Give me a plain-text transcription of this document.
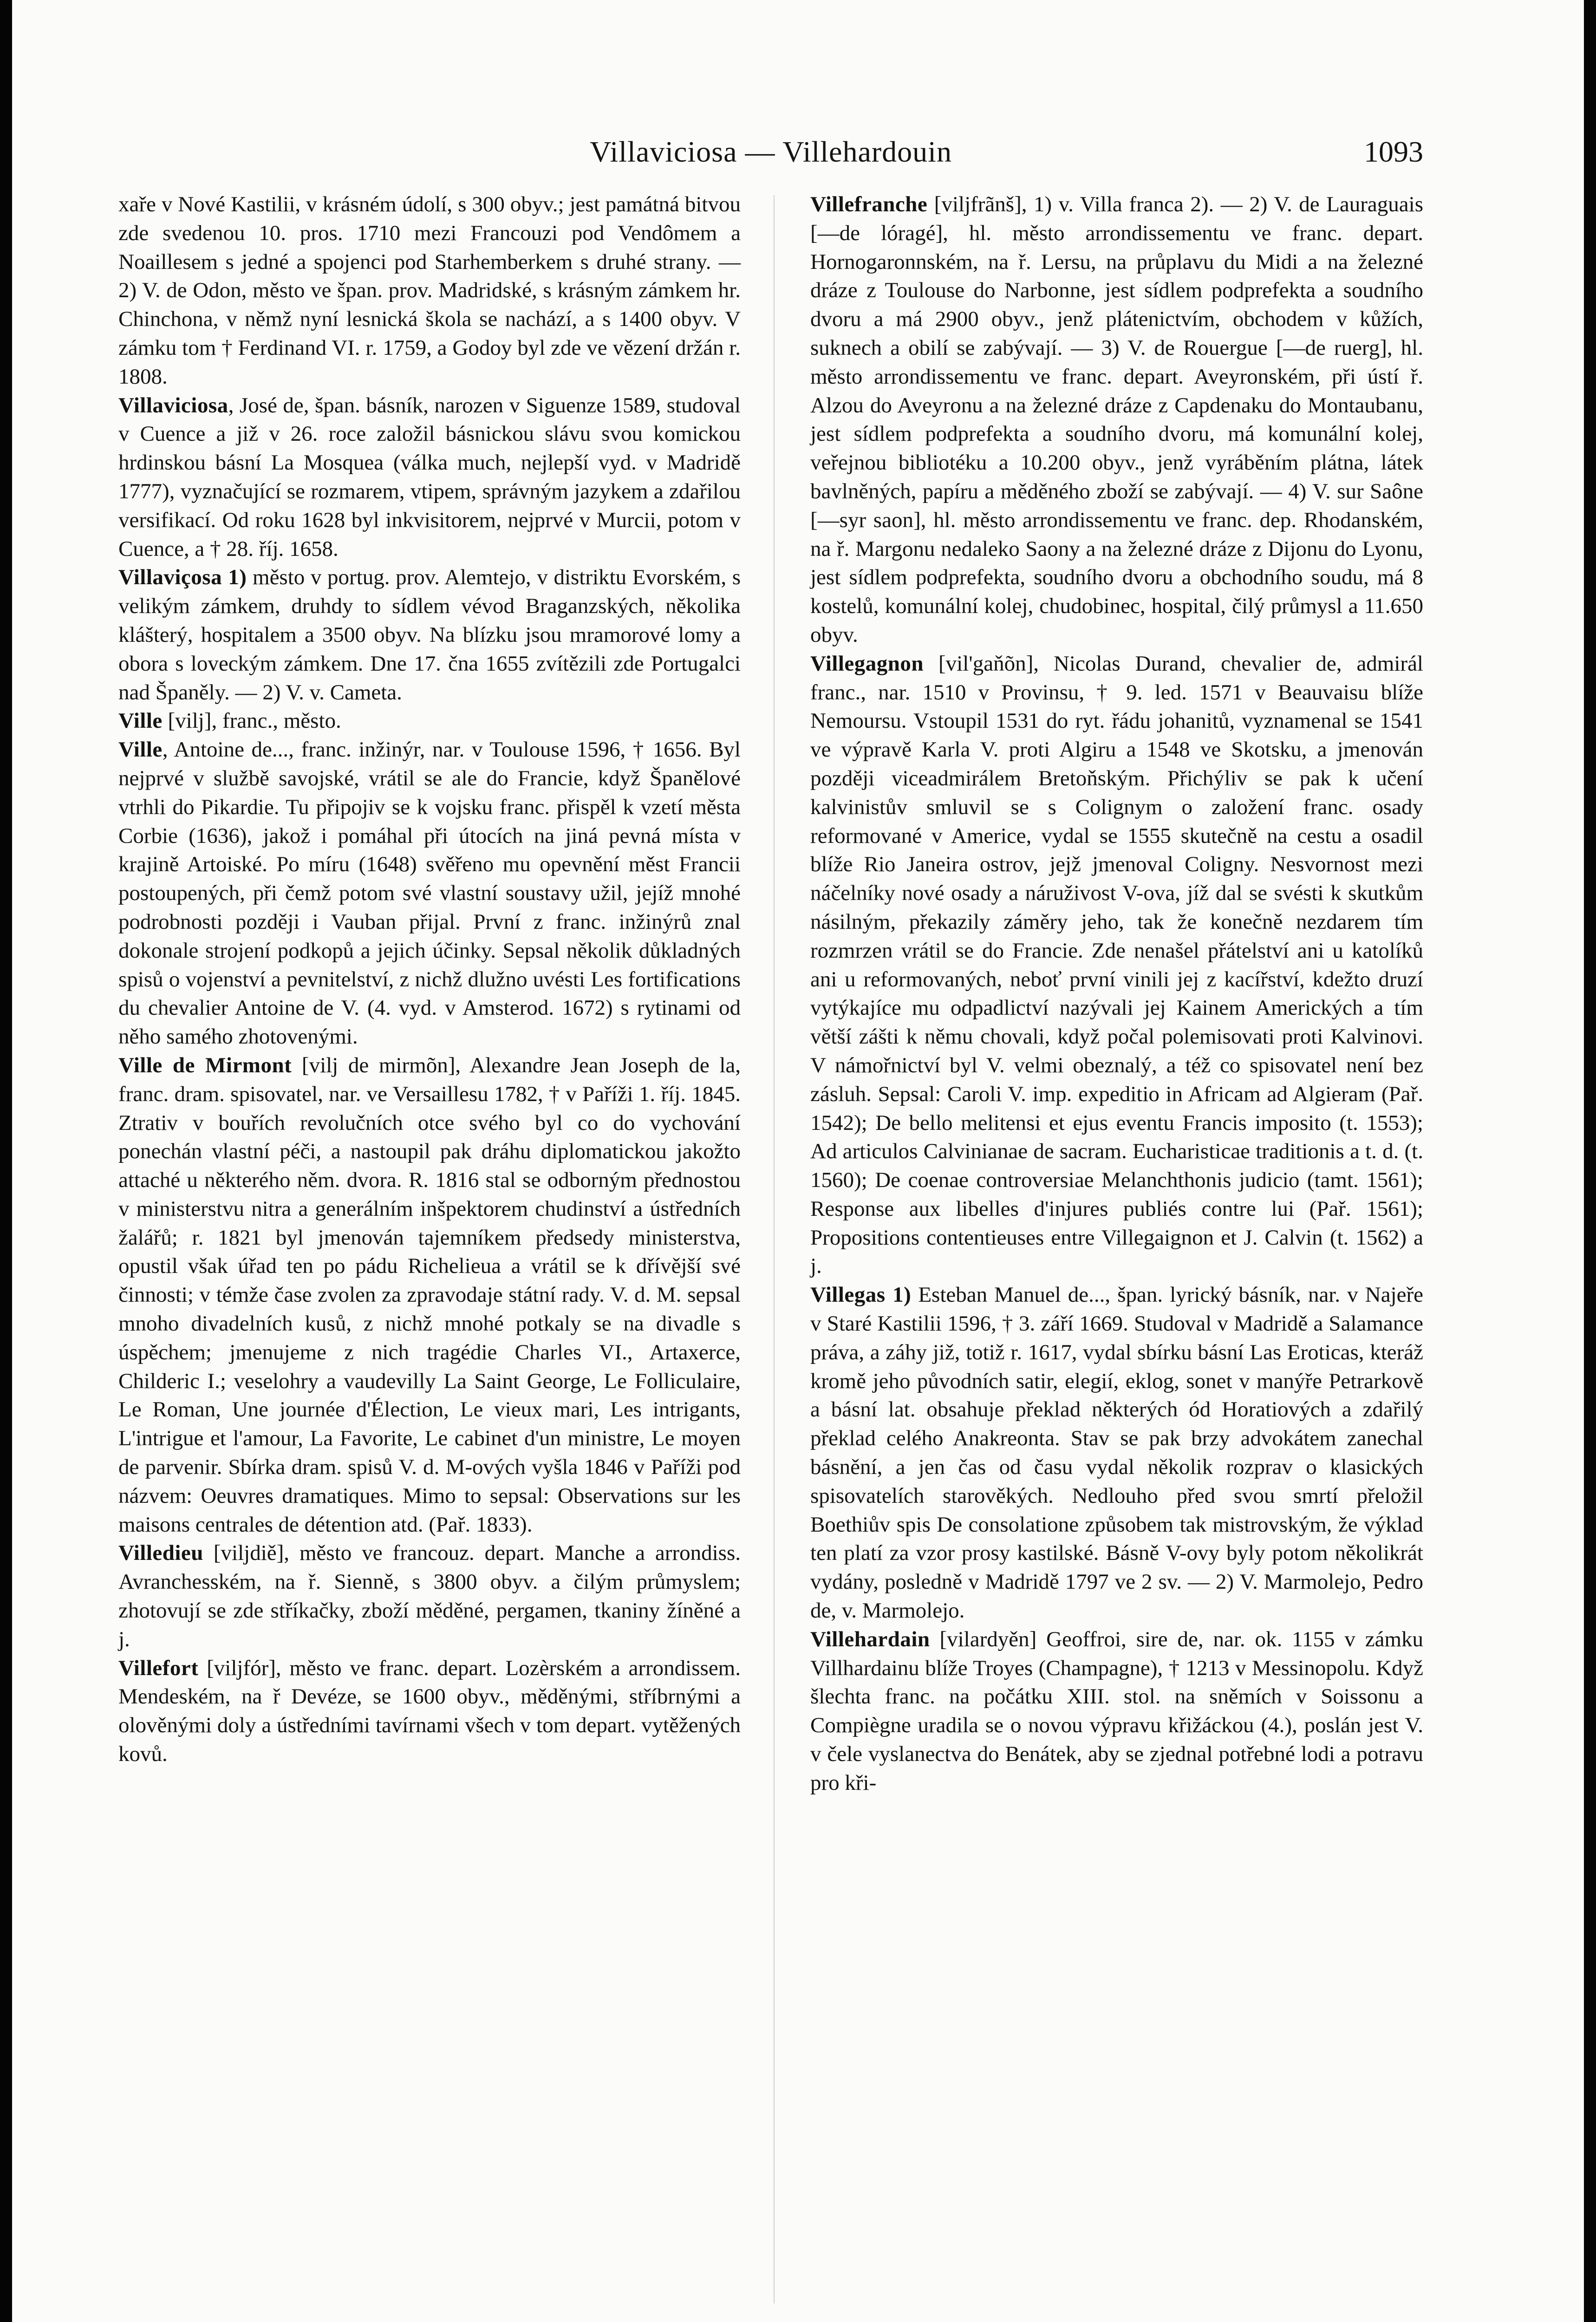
Villaviciosa — Villehardouin	1093

xaře v Nové Kastilii, v krásném údolí, s 300 obyv.; jest památná bitvou zde svedenou 10. pros. 1710 mezi Francouzi pod Vendômem a Noaillesem s jedné a spojenci pod Starhemberkem s druhé strany. — 2) V. de Odon, město ve špan. prov. Madridské, s krásným zámkem hr. Chinchona, v němž nyní lesnická škola se nachází, a s 1400 obyv. V zámku tom † Ferdinand VI. r. 1759, a Godoy byl zde ve vězení držán r. 1808.

Villaviciosa, José de, špan. básník, narozen v Siguenze 1589, studoval v Cuence a již v 26. roce založil básnickou slávu svou komickou hrdinskou básní La Mosquea (válka much, nejlepší vyd. v Madridě 1777), vyznačující se rozmarem, vtipem, správným jazykem a zdařilou versifikací. Od roku 1628 byl inkvisitorem, nejprvé v Murcii, potom v Cuence, a † 28. říj. 1658.

Villaviçosa 1) město v portug. prov. Alemtejo, v distriktu Evorském, s velikým zámkem, druhdy to sídlem vévod Braganzských, několika klášterý, hospitalem a 3500 obyv. Na blízku jsou mramorové lomy a obora s loveckým zámkem. Dne 17. čna 1655 zvítězili zde Portugalci nad Španěly. — 2) V. v. Cameta.

Ville [vilj], franc., město.

Ville, Antoine de..., franc. inžinýr, nar. v Toulouse 1596, † 1656. Byl nejprvé v službě savojské, vrátil se ale do Francie, když Španělové vtrhli do Pikardie. Tu připojiv se k vojsku franc. přispěl k vzetí města Corbie (1636), jakož i pomáhal při útocích na jiná pevná místa v krajině Artoiské. Po míru (1648) svěřeno mu opevnění měst Francii postoupených, při čemž potom své vlastní soustavy užil, jejíž mnohé podrobnosti později i Vauban přijal. První z franc. inžinýrů znal dokonale strojení podkopů a jejich účinky. Sepsal několik důkladných spisů o vojenství a pevnitelství, z nichž dlužno uvésti Les fortifications du chevalier Antoine de V. (4. vyd. v Amsterod. 1672) s rytinami od něho samého zhotovenými.

Ville de Mirmont [vilj de mirmõn], Alexandre Jean Joseph de la, franc. dram. spisovatel, nar. ve Versaillesu 1782, † v Paříži 1. říj. 1845. Ztrativ v bouřích revolučních otce svého byl co do vychování ponechán vlastní péči, a nastoupil pak dráhu diplomatickou jakožto attaché u některého něm. dvora. R. 1816 stal se odborným přednostou v ministerstvu nitra a generálním inšpektorem chudinství a ústředních žalářů; r. 1821 byl jmenován tajemníkem předsedy ministerstva, opustil však úřad ten po pádu Richelieua a vrátil se k dřívější své činnosti; v témže čase zvolen za zpravodaje státní rady. V. d. M. sepsal mnoho divadelních kusů, z nichž mnohé potkaly se na divadle s úspěchem; jmenujeme z nich tragédie Charles VI., Artaxerce, Childeric I.; veselohry a vaudevilly La Saint George, Le Folliculaire, Le Roman, Une journée d'Élection, Le vieux mari, Les intrigants, L'intrigue et l'amour, La Favorite, Le cabinet d'un ministre, Le moyen de parvenir. Sbírka dram. spisů V. d. M-ových vyšla 1846 v Paříži pod názvem: Oeuvres dramatiques. Mimo to sepsal: Observations sur les maisons centrales de détention atd. (Pař. 1833).

Villedieu [viljdiě], město ve francouz. depart. Manche a arrondiss. Avranchesském, na ř. Sienně, s 3800 obyv. a čilým průmyslem; zhotovují se zde stříkačky, zboží měděné, pergamen, tkaniny žíněné a j.

Villefort [viljfór], město ve franc. depart. Lozèrském a arrondissem. Mendeském, na ř Devéze, se 1600 obyv., měděnými, stříbrnými a olověnými doly a ústředními tavírnami všech v tom depart. vytěžených kovů.

Villefranche [viljfrãnš], 1) v. Villa franca 2). — 2) V. de Lauraguais [—de lóragé], hl. město arrondissementu ve franc. depart. Hornogaronnském, na ř. Lersu, na průplavu du Midi a na železné dráze z Toulouse do Narbonne, jest sídlem podprefekta a soudního dvoru a má 2900 obyv., jenž plátenictvím, obchodem v kůžích, suknech a obilí se zabývají. — 3) V. de Rouergue [—de ruerg], hl. město arrondissementu ve franc. depart. Aveyronském, při ústí ř. Alzou do Aveyronu a na železné dráze z Capdenaku do Montaubanu, jest sídlem podprefekta a soudního dvoru, má komunální kolej, veřejnou bibliotéku a 10.200 obyv., jenž vyráběním plátna, látek bavlněných, papíru a měděného zboží se zabývají. — 4) V. sur Saône [—syr saon], hl. město arrondissementu ve franc. dep. Rhodanském, na ř. Margonu nedaleko Saony a na železné dráze z Dijonu do Lyonu, jest sídlem podprefekta, soudního dvoru a obchodního soudu, má 8 kostelů, komunální kolej, chudobinec, hospital, čilý průmysl a 11.650 obyv.

Villegagnon [vil'gaňõn], Nicolas Durand, chevalier de, admirál franc., nar. 1510 v Provinsu, † 9. led. 1571 v Beauvaisu blíže Nemoursu. Vstoupil 1531 do ryt. řádu johanitů, vyznamenal se 1541 ve výpravě Karla V. proti Algiru a 1548 ve Skotsku, a jmenován později viceadmirálem Bretoňským. Přichýliv se pak k učení kalvinistův smluvil se s Colignym o založení franc. osady reformované v Americe, vydal se 1555 skutečně na cestu a osadil blíže Rio Janeira ostrov, jejž jmenoval Coligny. Nesvornost mezi náčelníky nové osady a náruživost V-ova, jíž dal se svésti k skutkům násilným, překazily záměry jeho, tak že konečně nezdarem tím rozmrzen vrátil se do Francie. Zde nenašel přátelství ani u katolíků ani u reformovaných, neboť první vinili jej z kacířství, kdežto druzí vytýkajíce mu odpadlictví nazývali jej Kainem Amerických a tím větší zášti k němu chovali, když počal polemisovati proti Kalvinovi. V námořnictví byl V. velmi obeznalý, a též co spisovatel není bez zásluh. Sepsal: Caroli V. imp. expeditio in Africam ad Algieram (Pař. 1542); De bello melitensi et ejus eventu Francis imposito (t. 1553); Ad articulos Calvinianae de sacram. Eucharisticae traditionis a t. d. (t. 1560); De coenae controversiae Melanchthonis judicio (tamt. 1561); Response aux libelles d'injures publiés contre lui (Pař. 1561); Propositions contentieuses entre Villegaignon et J. Calvin (t. 1562) a j.

Villegas 1) Esteban Manuel de..., špan. lyrický básník, nar. v Najeře v Staré Kastilii 1596, † 3. září 1669. Studoval v Madridě a Salamance práva, a záhy již, totiž r. 1617, vydal sbírku básní Las Eroticas, kteráž kromě jeho původních satir, elegií, eklog, sonet v manýře Petrarkově a básní lat. obsahuje překlad některých ód Horatiových a zdařilý překlad celého Anakreonta. Stav se pak brzy advokátem zanechal básnění, a jen čas od času vydal několik rozprav o klasických spisovatelích starověkých. Nedlouho před svou smrtí přeložil Boethiův spis De consolatione způsobem tak mistrovským, že výklad ten platí za vzor prosy kastilské. Básně V-ovy byly potom několikrát vydány, posledně v Madridě 1797 ve 2 sv. — 2) V. Marmolejo, Pedro de, v. Marmolejo.

Villehardain [vilardyěn] Geoffroi, sire de, nar. ok. 1155 v zámku Villhardainu blíže Troyes (Champagne), † 1213 v Messinopolu. Když šlechta franc. na počátku XIII. stol. na sněmích v Soissonu a Compiègne uradila se o novou výpravu křižáckou (4.), poslán jest V. v čele vyslanectva do Benátek, aby se zjednal potřebné lodi a potravu pro kři-
